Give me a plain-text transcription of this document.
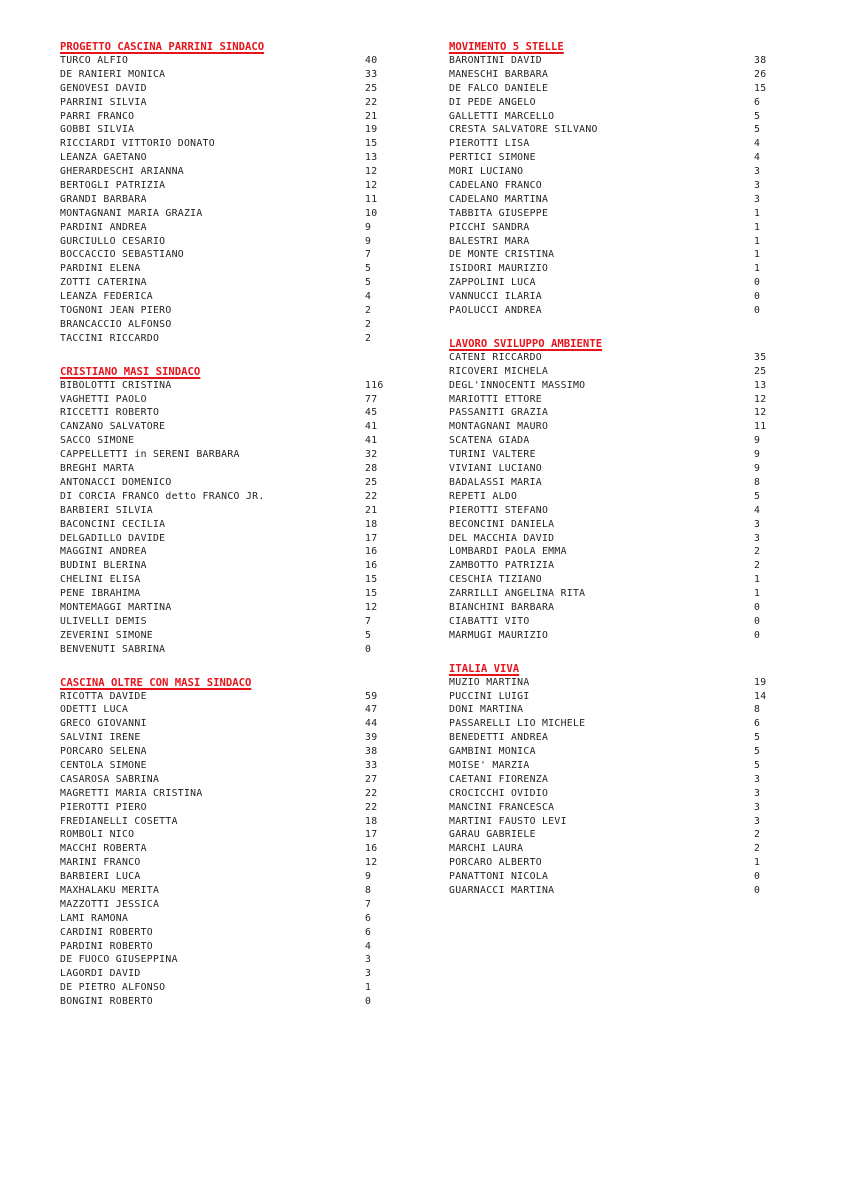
PROGETTO CASCINA PARRINI SINDACO
TURCO ALFIO	40
DE RANIERI MONICA	33
GENOVESI DAVID	25
PARRINI SILVIA	22
PARRI FRANCO	21
GOBBI SILVIA	19
RICCIARDI VITTORIO DONATO	15
LEANZA GAETANO	13
GHERARDESCHI ARIANNA	12
BERTOGLI PATRIZIA	12
GRANDI BARBARA	11
MONTAGNANI MARIA GRAZIA	10
PARDINI ANDREA	9
GURCIULLO CESARIO	9
BOCCACCIO SEBASTIANO	7
PARDINI ELENA	5
ZOTTI CATERINA	5
LEANZA FEDERICA	4
TOGNONI JEAN PIERO	2
BRANCACCIO ALFONSO	2
TACCINI RICCARDO	2
CRISTIANO MASI SINDACO
BIBOLOTTI CRISTINA	116
VAGHETTI PAOLO	77
RICCETTI ROBERTO	45
CANZANO SALVATORE	41
SACCO SIMONE	41
CAPPELLETTI in SERENI BARBARA	32
BREGHI MARTA	28
ANTONACCI DOMENICO	25
DI CORCIA FRANCO detto FRANCO JR.	22
BARBIERI SILVIA	21
BACONCINI CECILIA	18
DELGADILLO DAVIDE	17
MAGGINI ANDREA	16
BUDINI BLERINA	16
CHELINI ELISA	15
PENE IBRAHIMA	15
MONTEMAGGI MARTINA	12
ULIVELLI DEMIS	7
ZEVERINI SIMONE	5
BENVENUTI SABRINA	0
CASCINA OLTRE CON MASI SINDACO
RICOTTA DAVIDE	59
ODETTI LUCA	47
GRECO GIOVANNI	44
SALVINI IRENE	39
PORCARO SELENA	38
CENTOLA SIMONE	33
CASAROSA SABRINA	27
MAGRETTI MARIA CRISTINA	22
PIEROTTI PIERO	22
FREDIANELLI COSETTA	18
ROMBOLI NICO	17
MACCHI ROBERTA	16
MARINI FRANCO	12
BARBIERI LUCA	9
MAXHALAKU MERITA	8
MAZZOTTI JESSICA	7
LAMI RAMONA	6
CARDINI ROBERTO	6
PARDINI ROBERTO	4
DE FUOCO GIUSEPPINA	3
LAGORDI DAVID	3
DE PIETRO ALFONSO	1
BONGINI ROBERTO	0
MOVIMENTO 5 STELLE
BARONTINI DAVID	38
MANESCHI BARBARA	26
DE FALCO DANIELE	15
DI PEDE ANGELO	6
GALLETTI MARCELLO	5
CRESTA SALVATORE SILVANO	5
PIEROTTI LISA	4
PERTICI SIMONE	4
MORI LUCIANO	3
CADELANO FRANCO	3
CADELANO MARTINA	3
TABBITA GIUSEPPE	1
PICCHI SANDRA	1
BALESTRI MARA	1
DE MONTE CRISTINA	1
ISIDORI MAURIZIO	1
ZAPPOLINI LUCA	0
VANNUCCI ILARIA	0
PAOLUCCI ANDREA	0
LAVORO SVILUPPO AMBIENTE
CATENI RICCARDO	35
RICOVERI MICHELA	25
DEGL'INNOCENTI MASSIMO	13
MARIOTTI ETTORE	12
PASSANITI GRAZIA	12
MONTAGNANI MAURO	11
SCATENA GIADA	9
TURINI VALTERE	9
VIVIANI LUCIANO	9
BADALASSI MARIA	8
REPETI ALDO	5
PIEROTTI STEFANO	4
BECONCINI DANIELA	3
DEL MACCHIA DAVID	3
LOMBARDI PAOLA EMMA	2
ZAMBOTTO PATRIZIA	2
CESCHIA TIZIANO	1
ZARRILLI ANGELINA RITA	1
BIANCHINI BARBARA	0
CIABATTI VITO	0
MARMUGI MAURIZIO	0
ITALIA VIVA
MUZIO MARTINA	19
PUCCINI LUIGI	14
DONI MARTINA	8
PASSARELLI LIO MICHELE	6
BENEDETTI ANDREA	5
GAMBINI MONICA	5
MOISE' MARZIA	5
CAETANI FIORENZA	3
CROCICCHI OVIDIO	3
MANCINI FRANCESCA	3
MARTINI FAUSTO LEVI	3
GARAU GABRIELE	2
MARCHI LAURA	2
PORCARO ALBERTO	1
PANATTONI NICOLA	0
GUARNACCI MARTINA	0
